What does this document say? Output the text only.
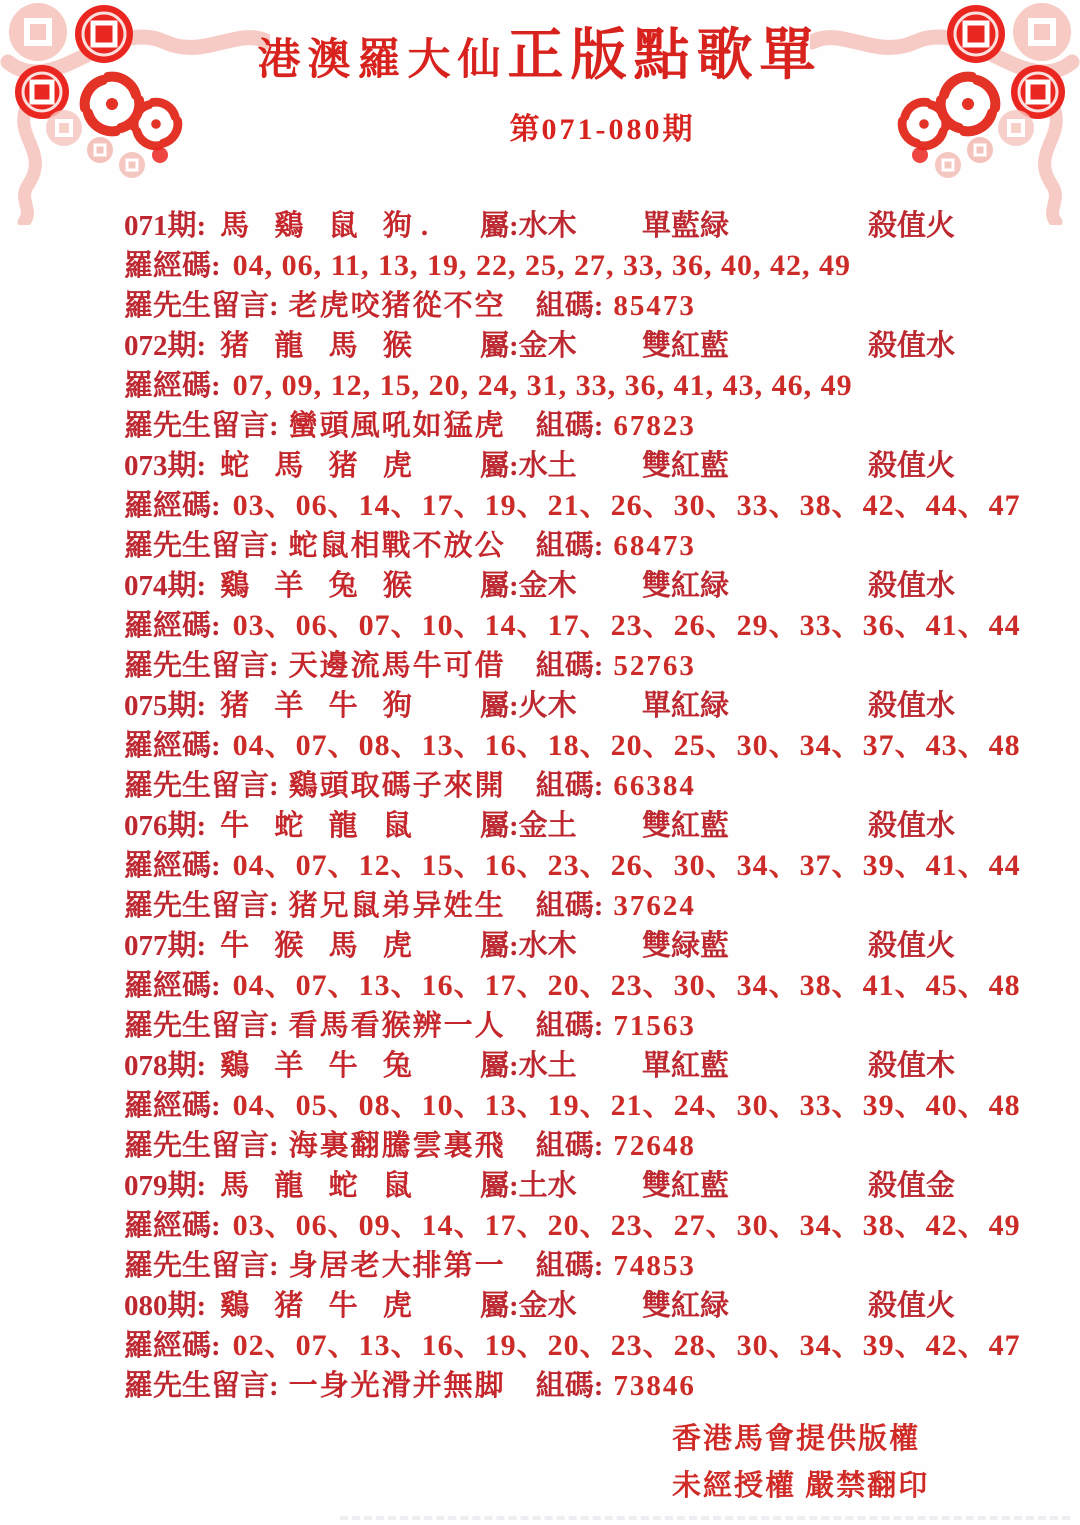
港澳羅大仙正版點歌單
第071-080期
071期: 馬 鷄 鼠 狗. 屬:水木	單藍緑	殺值火
羅經碼: 04, 06, 11, 13, 19, 22, 25, 27, 33, 36, 40, 42, 49
羅先生留言: 老虎咬猪從不空 組碼: 85473
072期: 猪 龍 馬 猴 屬:金木	雙紅藍	殺值水
羅經碼: 07, 09, 12, 15, 20, 24, 31, 33, 36, 41, 43, 46, 49
羅先生留言: 蠻頭風吼如猛虎 組碼: 67823
073期: 蛇 馬 猪 虎 屬:水土	雙紅藍	殺值火
羅經碼: 03、06、14、17、19、21、26、30、33、38、42、44、47
羅先生留言: 蛇鼠相戰不放公 組碼: 68473
074期: 鷄 羊 兔 猴 屬:金木	雙紅緑	殺值水
羅經碼: 03、06、07、10、14、17、23、26、29、33、36、41、44
羅先生留言: 天邊流馬牛可借 組碼: 52763
075期: 猪 羊 牛 狗 屬:火木	單紅緑	殺值水
羅經碼: 04、07、08、13、16、18、20、25、30、34、37、43、48
羅先生留言: 鷄頭取碼子來開 組碼: 66384
076期: 牛 蛇 龍 鼠 屬:金土	雙紅藍	殺值水
羅經碼: 04、07、12、15、16、23、26、30、34、37、39、41、44
羅先生留言: 猪兄鼠弟异姓生 組碼: 37624
077期: 牛 猴 馬 虎 屬:水木	雙緑藍	殺值火
羅經碼: 04、07、13、16、17、20、23、30、34、38、41、45、48
羅先生留言: 看馬看猴辨一人 組碼: 71563
078期: 鷄 羊 牛 兔 屬:水土	單紅藍	殺值木
羅經碼: 04、05、08、10、13、19、21、24、30、33、39、40、48
羅先生留言: 海裏翻騰雲裏飛 組碼: 72648
079期: 馬 龍 蛇 鼠 屬:土水	雙紅藍	殺值金
羅經碼: 03、06、09、14、17、20、23、27、30、34、38、42、49
羅先生留言: 身居老大排第一 組碼: 74853
080期: 鷄 猪 牛 虎 屬:金水	雙紅緑	殺值火
羅經碼: 02、07、13、16、19、20、23、28、30、34、39、42、47
羅先生留言: 一身光滑并無脚 組碼: 73846
香港馬會提供版權
未經授權 嚴禁翻印
